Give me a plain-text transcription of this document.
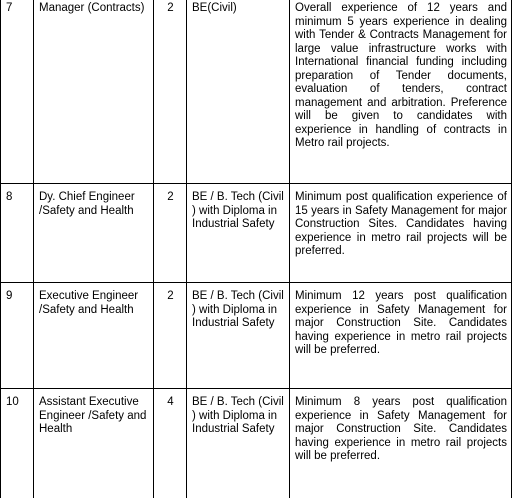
7	Manager (Contracts)	2	BE(Civil)	Overall experience of 12 years and minimum 5 years experience in dealing with Tender & Contracts Management for large value infrastructure works with International financial funding including preparation of Tender documents, evaluation of tenders, contract management and arbitration. Preference will be given to candidates with experience in handling of contracts in Metro rail projects.

8	Dy. Chief Engineer /Safety and Health	2	BE / B. Tech (Civil ) with Diploma in Industrial Safety	Minimum post qualification experience of 15 years in Safety Management for major Construction Sites. Candidates having experience in metro rail projects will be preferred.

9	Executive Engineer /Safety and Health	2	BE / B. Tech (Civil ) with Diploma in Industrial Safety	Minimum 12 years post qualification experience in Safety Management for major Construction Site. Candidates having experience in metro rail projects will be preferred.

10	Assistant Executive Engineer /Safety and Health	4	BE / B. Tech (Civil ) with Diploma in Industrial Safety	Minimum 8 years post qualification experience in Safety Management for major Construction Site. Candidates having experience in metro rail projects will be preferred.
